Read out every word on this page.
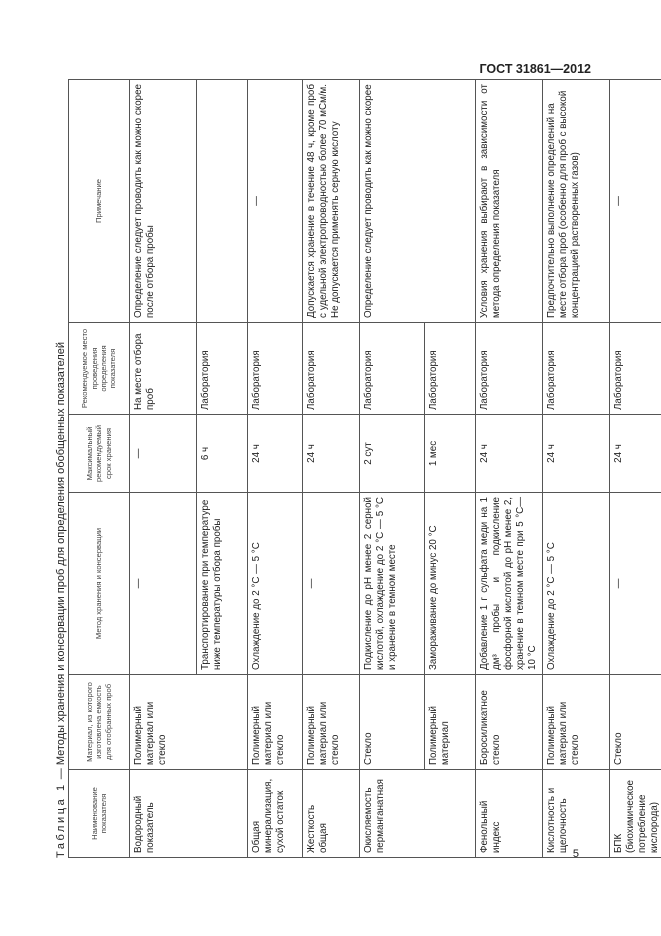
ГОСТ 31861—2012
Таблица 1 — Методы хранения и консервации проб для определения обобщенных показателей
Наименование показателя	Материал, из которого изготовлена емкость для отобранных проб	Метод хранения и консервации	Максимальный рекомендуемый срок хранения	Рекомендуемое место проведения определения показателя	Примечание
Водородный показатель	Полимерный материал или стекло	—	—	На месте отбора проб	Определение следует проводить как можно скорее после отбора пробы
		Транспортирование при температуре ниже температуры отбора пробы	6 ч	Лаборатория	
Общая минерализация, сухой остаток	Полимерный материал или стекло	Охлаждение до 2 °С — 5 °С	24 ч	Лаборатория	—
Жесткость общая	Полимерный материал или стекло	—	24 ч	Лаборатория	Допускается хранение в течение 48 ч, кроме проб с удельной электропроводностью более 70 мСм/м. Не допускается применять серную кислоту
Окисляемость перманганатная	Стекло	Подкисление до рН менее 2 серной кислотой, охлаждение до 2 °С — 5 °С и хранение в темном месте	2 сут	Лаборатория	Определение следует проводить как можно скорее
	Полимерный материал	Замораживание до минус 20 °С	1 мес	Лаборатория	
Фенольный индекс	Боросиликатное стекло	Добавление 1 г сульфата меди на 1 дм³ пробы и подкисление фосфорной кислотой до рН менее 2, хранение в темном месте при 5 °С—10 °С	24 ч	Лаборатория	Условия хранения выбирают в зависимости от метода определения показателя
Кислотность и щелочность	Полимерный материал или стекло	Охлаждение до 2 °С — 5 °С	24 ч	Лаборатория	Предпочтительно выполнение определений на месте отбора проб (особенно для проб с высокой концентрацией растворенных газов)
БПК (биохимическое потребление кислорода)	Стекло	—	24 ч	Лаборатория	—
5
